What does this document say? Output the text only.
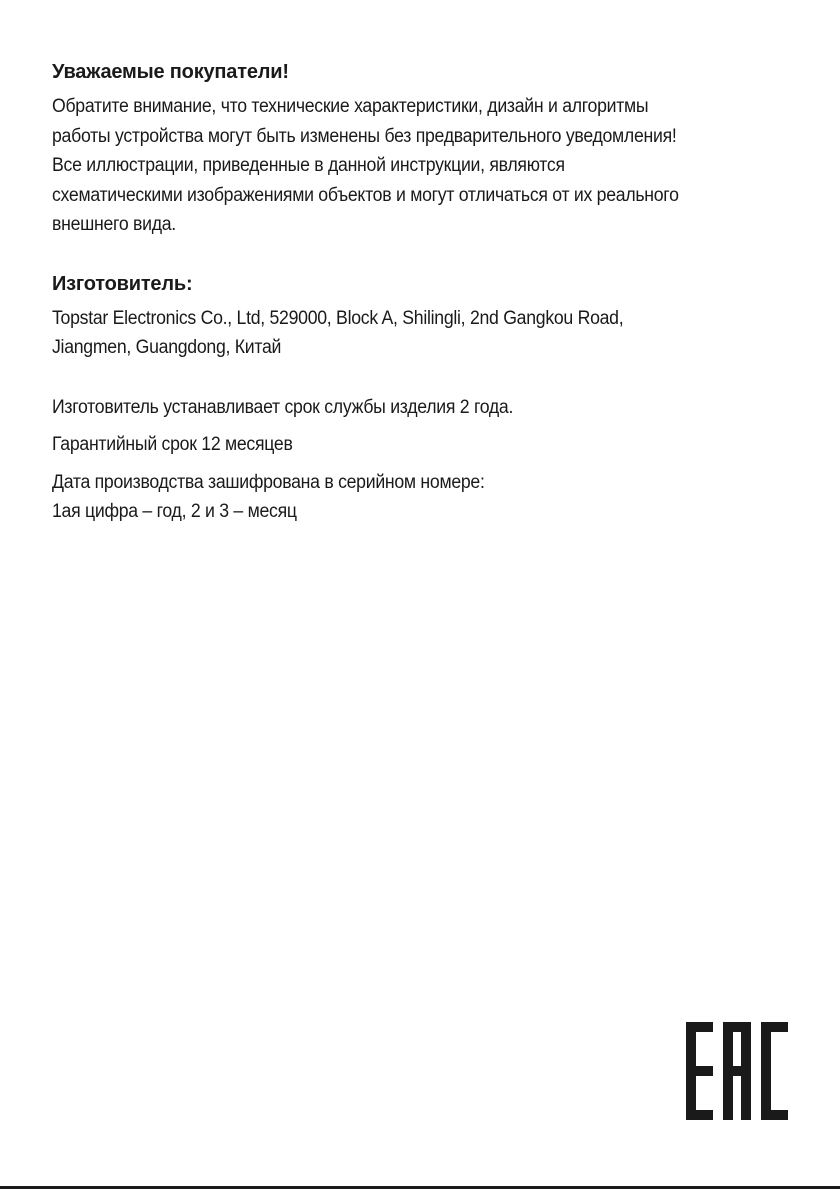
Уважаемые покупатели!

Обратите внимание, что технические характеристики, дизайн и алгоритмы
работы устройства могут быть изменены без предварительного уведомления!
Все иллюстрации, приведенные в данной инструкции, являются
схематическими изображениями объектов и могут отличаться от их реального
внешнего вида.

Изготовитель:

Topstar Electronics Co., Ltd, 529000, Block A, Shilingli, 2nd Gangkou Road,
Jiangmen, Guangdong, Китай

Изготовитель устанавливает срок службы изделия 2 года.

Гарантийный срок 12 месяцев

Дата производства зашифрована в серийном номере:
1ая цифра – год, 2 и 3 – месяц
